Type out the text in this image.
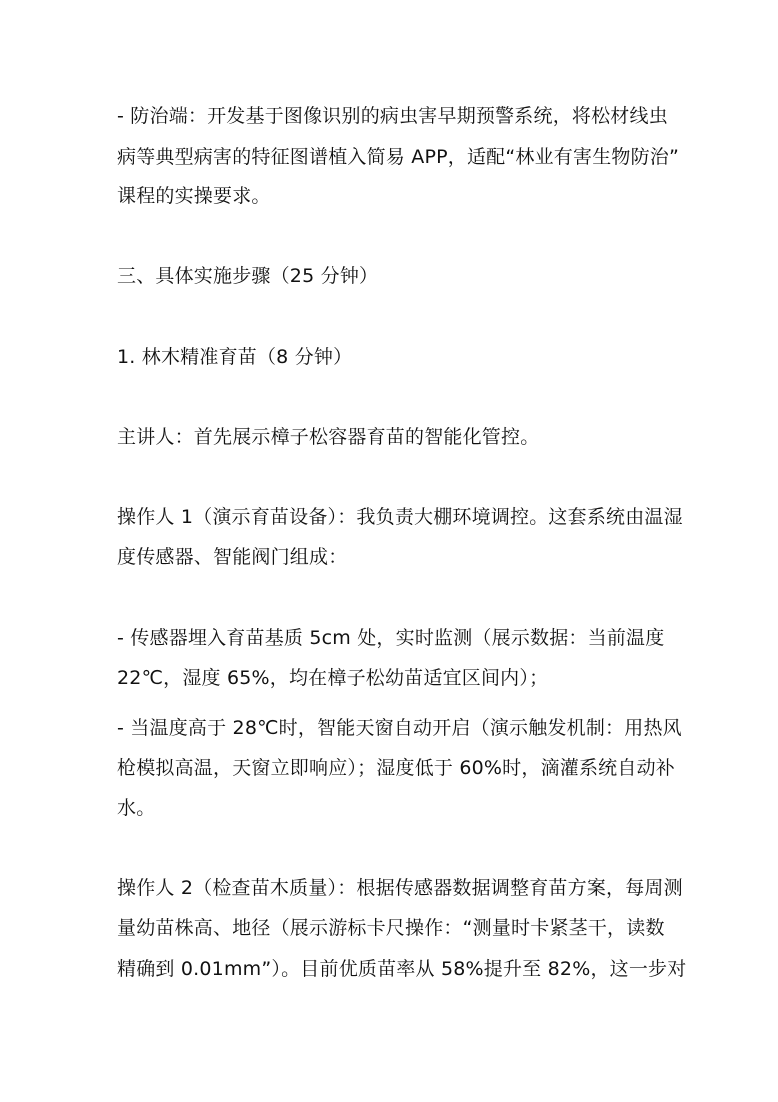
- 防治端：开发基于图像识别的病虫害早期预警系统，将松材线虫
病等典型病害的特征图谱植入简易 APP，适配“林业有害生物防治”
课程的实操要求。
三、具体实施步骤（25 分钟）
1. 林木精准育苗（8 分钟）
主讲人：首先展示樟子松容器育苗的智能化管控。
操作人 1（演示育苗设备）：我负责大棚环境调控。这套系统由温湿
度传感器、智能阀门组成：
- 传感器埋入育苗基质 5cm 处，实时监测（展示数据：当前温度
22℃，湿度 65%，均在樟子松幼苗适宜区间内）；
- 当温度高于 28℃时，智能天窗自动开启（演示触发机制：用热风
枪模拟高温，天窗立即响应）；湿度低于 60%时，滴灌系统自动补
水。
操作人 2（检查苗木质量）：根据传感器数据调整育苗方案，每周测
量幼苗株高、地径（展示游标卡尺操作：“测量时卡紧茎干，读数
精确到 0.01mm”）。目前优质苗率从 58%提升至 82%，这一步对
